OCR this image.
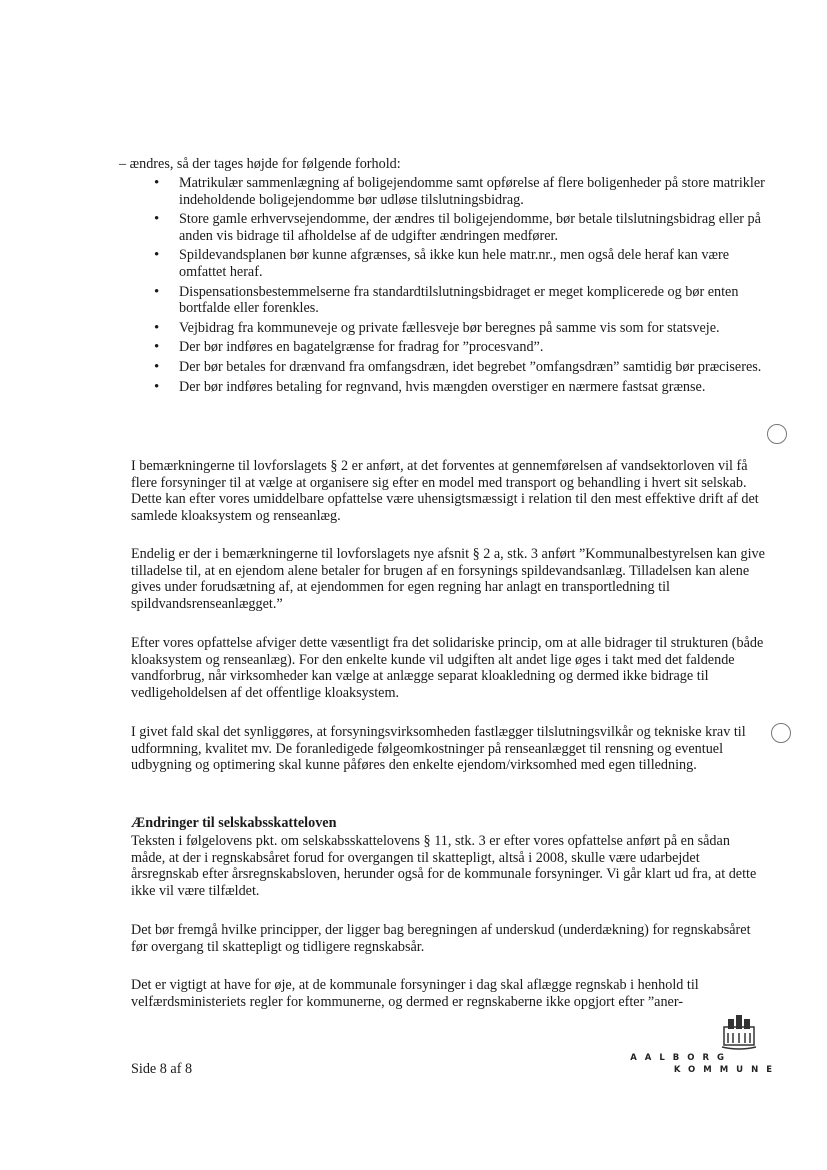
– ændres, så der tages højde for følgende forhold:
• Matrikulær sammenlægning af boligejendomme samt opførelse af flere boligenheder på store matrikler indeholdende boligejendomme bør udløse tilslutningsbidrag.
• Store gamle erhvervsejendomme, der ændres til boligejendomme, bør betale tilslutningsbidrag eller på anden vis bidrage til afholdelse af de udgifter ændringen medfører.
• Spildevandsplanen bør kunne afgrænses, så ikke kun hele matr.nr., men også dele heraf kan være omfattet heraf.
• Dispensationsbestemmelserne fra standardtilslutningsbidraget er meget komplicerede og bør enten bortfalde eller forenkles.
• Vejbidrag fra kommuneveje og private fællesveje bør beregnes på samme vis som for statsveje.
• Der bør indføres en bagatelgrænse for fradrag for ”procesvand”.
• Der bør betales for drænvand fra omfangsdræn, idet begrebet ”omfangsdræn” samtidig bør præciseres.
• Der bør indføres betaling for regnvand, hvis mængden overstiger en nærmere fastsat grænse.

I bemærkningerne til lovforslagets § 2 er anført, at det forventes at gennemførelsen af vandsektorloven vil få flere forsyninger til at vælge at organisere sig efter en model med transport og behandling i hvert sit selskab. Dette kan efter vores umiddelbare opfattelse være uhensigtsmæssigt i relation til den mest effektive drift af det samlede kloaksystem og renseanlæg.

Endelig er der i bemærkningerne til lovforslagets nye afsnit § 2 a, stk. 3 anført ”Kommunalbestyrelsen kan give tilladelse til, at en ejendom alene betaler for brugen af en forsynings spildevandsanlæg. Tilladelsen kan alene gives under forudsætning af, at ejendommen for egen regning har anlagt en transportledning til spildvandsrenseanlægget.”

Efter vores opfattelse afviger dette væsentligt fra det solidariske princip, om at alle bidrager til strukturen (både kloaksystem og renseanlæg). For den enkelte kunde vil udgiften alt andet lige øges i takt med det faldende vandforbrug, når virksomheder kan vælge at anlægge separat kloakledning og dermed ikke bidrage til vedligeholdelsen af det offentlige kloaksystem.

I givet fald skal det synliggøres, at forsyningsvirksomheden fastlægger tilslutningsvilkår og tekniske krav til udformning, kvalitet mv. De foranledigede følgeomkostninger på renseanlægget til rensning og eventuel udbygning og optimering skal kunne påføres den enkelte ejendom/virksomhed med egen tilledning.

Ændringer til selskabsskatteloven

Teksten i følgelovens pkt. om selskabsskattelovens § 11, stk. 3 er efter vores opfattelse anført på en sådan måde, at der i regnskabsåret forud for overgangen til skattepligt, altså i 2008, skulle være udarbejdet årsregnskab efter årsregnskabsloven, herunder også for de kommunale forsyninger. Vi går klart ud fra, at dette ikke vil være tilfældet.

Det bør fremgå hvilke principper, der ligger bag beregningen af underskud (underdækning) for regnskabsåret før overgang til skattepligt og tidligere regnskabsår.

Det er vigtigt at have for øje, at de kommunale forsyninger i dag skal aflægge regnskab i henhold til velfærdsministeriets regler for kommunerne, og dermed er regnskaberne ikke opgjort efter ”aner-

Side 8 af 8
AALBORG
KOMMUNE
